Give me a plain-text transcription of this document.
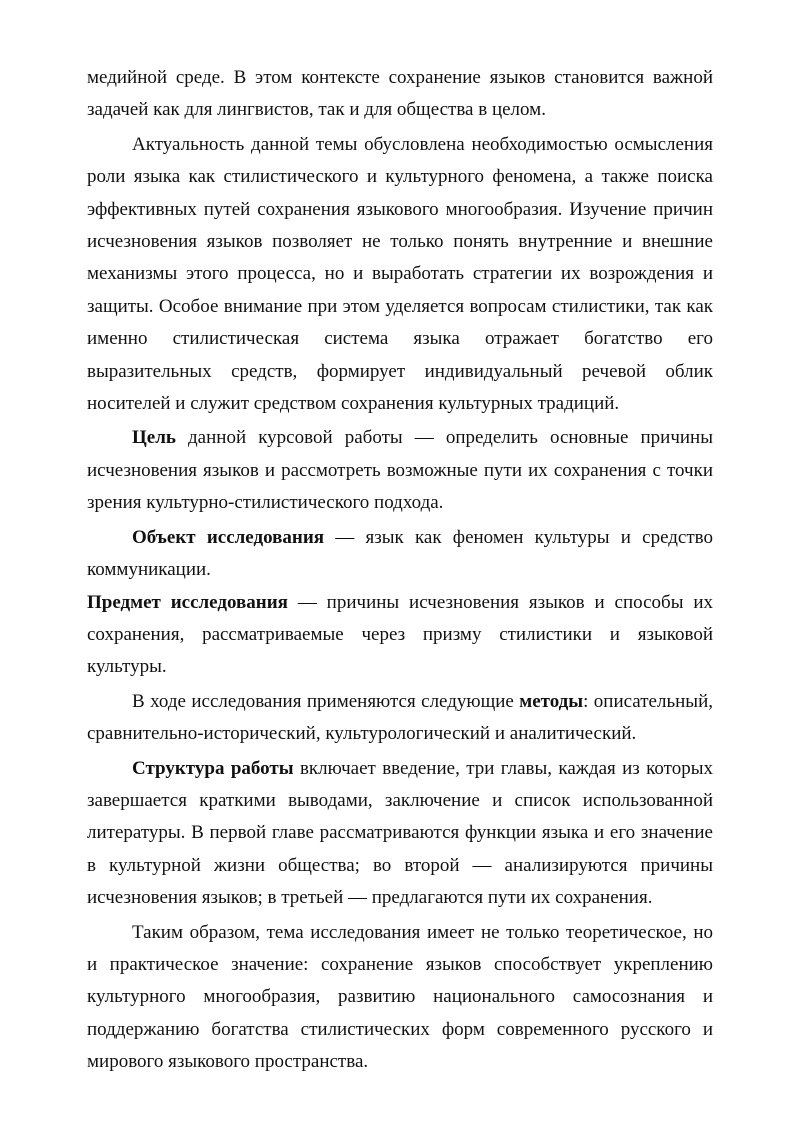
медийной среде. В этом контексте сохранение языков становится важной задачей как для лингвистов, так и для общества в целом.

Актуальность данной темы обусловлена необходимостью осмысления роли языка как стилистического и культурного феномена, а также поиска эффективных путей сохранения языкового многообразия. Изучение причин исчезновения языков позволяет не только понять внутренние и внешние механизмы этого процесса, но и выработать стратегии их возрождения и защиты. Особое внимание при этом уделяется вопросам стилистики, так как именно стилистическая система языка отражает богатство его выразительных средств, формирует индивидуальный речевой облик носителей и служит средством сохранения культурных традиций.

Цель данной курсовой работы — определить основные причины исчезновения языков и рассмотреть возможные пути их сохранения с точки зрения культурно-стилистического подхода.

Объект исследования — язык как феномен культуры и средство коммуникации.

Предмет исследования — причины исчезновения языков и способы их сохранения, рассматриваемые через призму стилистики и языковой культуры.

В ходе исследования применяются следующие методы: описательный, сравнительно-исторический, культурологический и аналитический.

Структура работы включает введение, три главы, каждая из которых завершается краткими выводами, заключение и список использованной литературы. В первой главе рассматриваются функции языка и его значение в культурной жизни общества; во второй — анализируются причины исчезновения языков; в третьей — предлагаются пути их сохранения.

Таким образом, тема исследования имеет не только теоретическое, но и практическое значение: сохранение языков способствует укреплению культурного многообразия, развитию национального самосознания и поддержанию богатства стилистических форм современного русского и мирового языкового пространства.
